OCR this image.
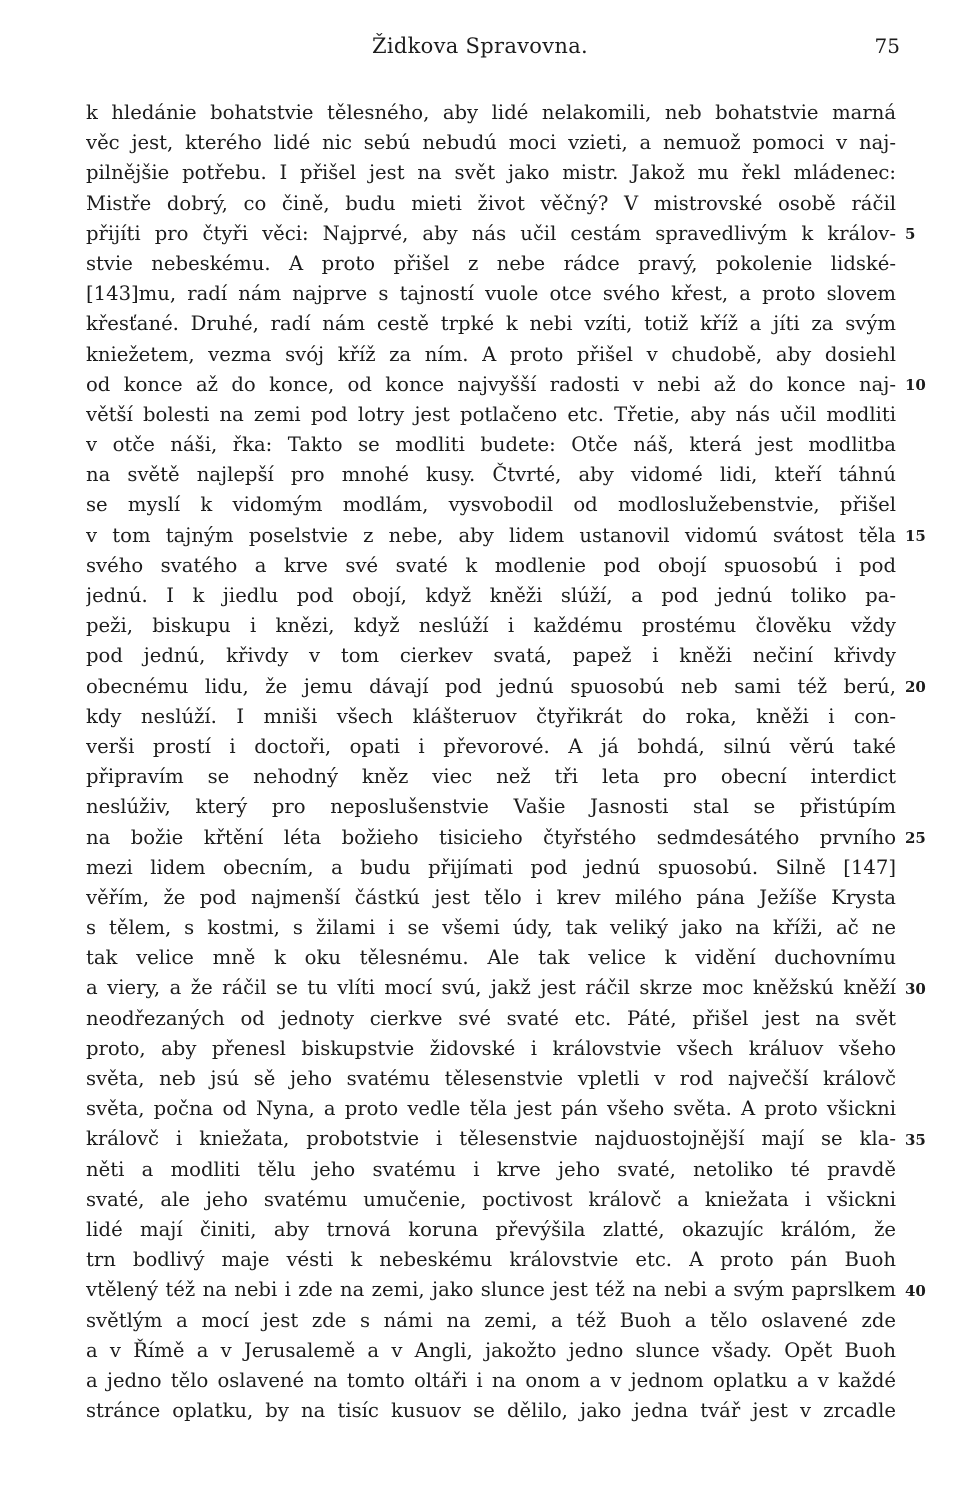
Židkova Spravovna.	75
k hledánie bohatstvie tělesného, aby lidé nelakomili, neb bohatstvie marná
věc jest, kterého lidé nic sebú nebudú moci vzieti, a nemuož pomoci v naj-
pilnějšie potřebu. I přišel jest na svět jako mistr. Jakož mu řekl mládenec:
Mistře dobrý, co čině, budu mieti život věčný? V mistrovské osobě ráčil
přijíti pro čtyři věci: Najprvé, aby nás učil cestám spravedlivým k králov-
stvie nebeskému. A proto přišel z nebe rádce pravý, pokolenie lidské-
[143]mu, radí nám najprve s tajností vuole otce svého křest, a proto slovem
křesťané. Druhé, radí nám cestě trpké k nebi vzíti, totiž kříž a jíti za svým
kniežetem, vezma svój kříž za ním. A proto přišel v chudobě, aby dosiehl
od konce až do konce, od konce najvyšší radosti v nebi až do konce naj-
větší bolesti na zemi pod lotry jest potlačeno etc. Třetie, aby nás učil modliti
v otče náši, řka: Takto se modliti budete: Otče náš, která jest modlitba
na světě najlepší pro mnohé kusy. Čtvrté, aby vidomé lidi, kteří táhnú
se myslí k vidomým modlám, vysvobodil od modloslužebenstvie, přišel
v tom tajným poselstvie z nebe, aby lidem ustanovil vidomú svátost těla
svého svatého a krve své svaté k modlenie pod obojí spuosobú i pod
jednú. I k jiedlu pod obojí, když kněži slúží, a pod jednú toliko pa-
peži, biskupu i knězi, když neslúží i každému prostému člověku vždy
pod jednú, křivdy v tom cierkev svatá, papež i kněži nečiní křivdy
obecnému lidu, že jemu dávají pod jednú spuosobú neb sami též berú,
kdy neslúží. I mniši všech klášteruov čtyřikrát do roka, kněži i con-
verši prostí i doctoři, opati i převorové. A já bohdá, silnú věrú také
připravím se nehodný kněz viec než tři leta pro obecní interdict
neslúživ, který pro neposlušenstvie Vašie Jasnosti stal se přistúpím
na božie křtění léta božieho tisicieho čtyřstého sedmdesátého prvního
mezi lidem obecním, a budu přijímati pod jednú spuosobú. Silně [147]
věřím, že pod najmenší částkú jest tělo i krev milého pána Ježíše Krysta
s tělem, s kostmi, s žilami i se všemi údy, tak veliký jako na kříži, ač ne
tak velice mně k oku tělesnému. Ale tak velice k vidění duchovnímu
a viery, a že ráčil se tu vlíti mocí svú, jakž jest ráčil skrze moc kněžskú kněží
neodřezaných od jednoty cierkve své svaté etc. Páté, přišel jest na svět
proto, aby přenesl biskupstvie židovské i královstvie všech králuov všeho
světa, neb jsú sě jeho svatému tělesenstvie vpletli v rod največší královč
světa, počna od Nyna, a proto vedle těla jest pán všeho světa. A proto všickni
královč i kniežata, probotstvie i tělesenstvie najduostojnější mají se kla-
něti a modliti tělu jeho svatému i krve jeho svaté, netoliko té pravdě
svaté, ale jeho svatému umučenie, poctivost královč a kniežata i všickni
lidé mají činiti, aby trnová koruna převýšila zlatté, okazujíc králóm, že
trn bodlivý maje vésti k nebeskému královstvie etc. A proto pán Buoh
vtělený též na nebi i zde na zemi, jako slunce jest též na nebi a svým paprslkem
světlým a mocí jest zde s námi na zemi, a též Buoh a tělo oslavené zde
a v Římě a v Jerusalemě a v Angli, jakožto jedno slunce všady. Opět Buoh
a jedno tělo oslavené na tomto oltáři i na onom a v jednom oplatku a v každé
stránce oplatku, by na tisíc kusuov se dělilo, jako jedna tvář jest v zrcadle
5
10
15
20
25
30
35
40
